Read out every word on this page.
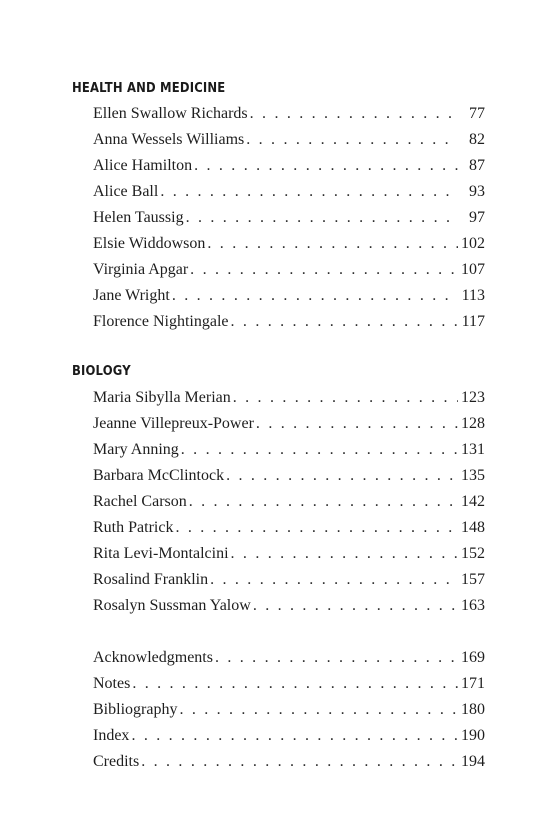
HEALTH AND MEDICINE
Ellen Swallow Richards . . .	77
Anna Wessels Williams . . .	82
Alice Hamilton . . .	87
Alice Ball . . .	93
Helen Taussig . . .	97
Elsie Widdowson . . .	102
Virginia Apgar . . .	107
Jane Wright . . .	113
Florence Nightingale . . .	117
BIOLOGY
Maria Sibylla Merian . . .	123
Jeanne Villepreux-Power . . .	128
Mary Anning . . .	131
Barbara McClintock . . .	135
Rachel Carson . . .	142
Ruth Patrick . . .	148
Rita Levi-Montalcini . . .	152
Rosalind Franklin . . .	157
Rosalyn Sussman Yalow . . .	163
Acknowledgments . . .	169
Notes . . .	171
Bibliography . . .	180
Index . . .	190
Credits . . .	194
